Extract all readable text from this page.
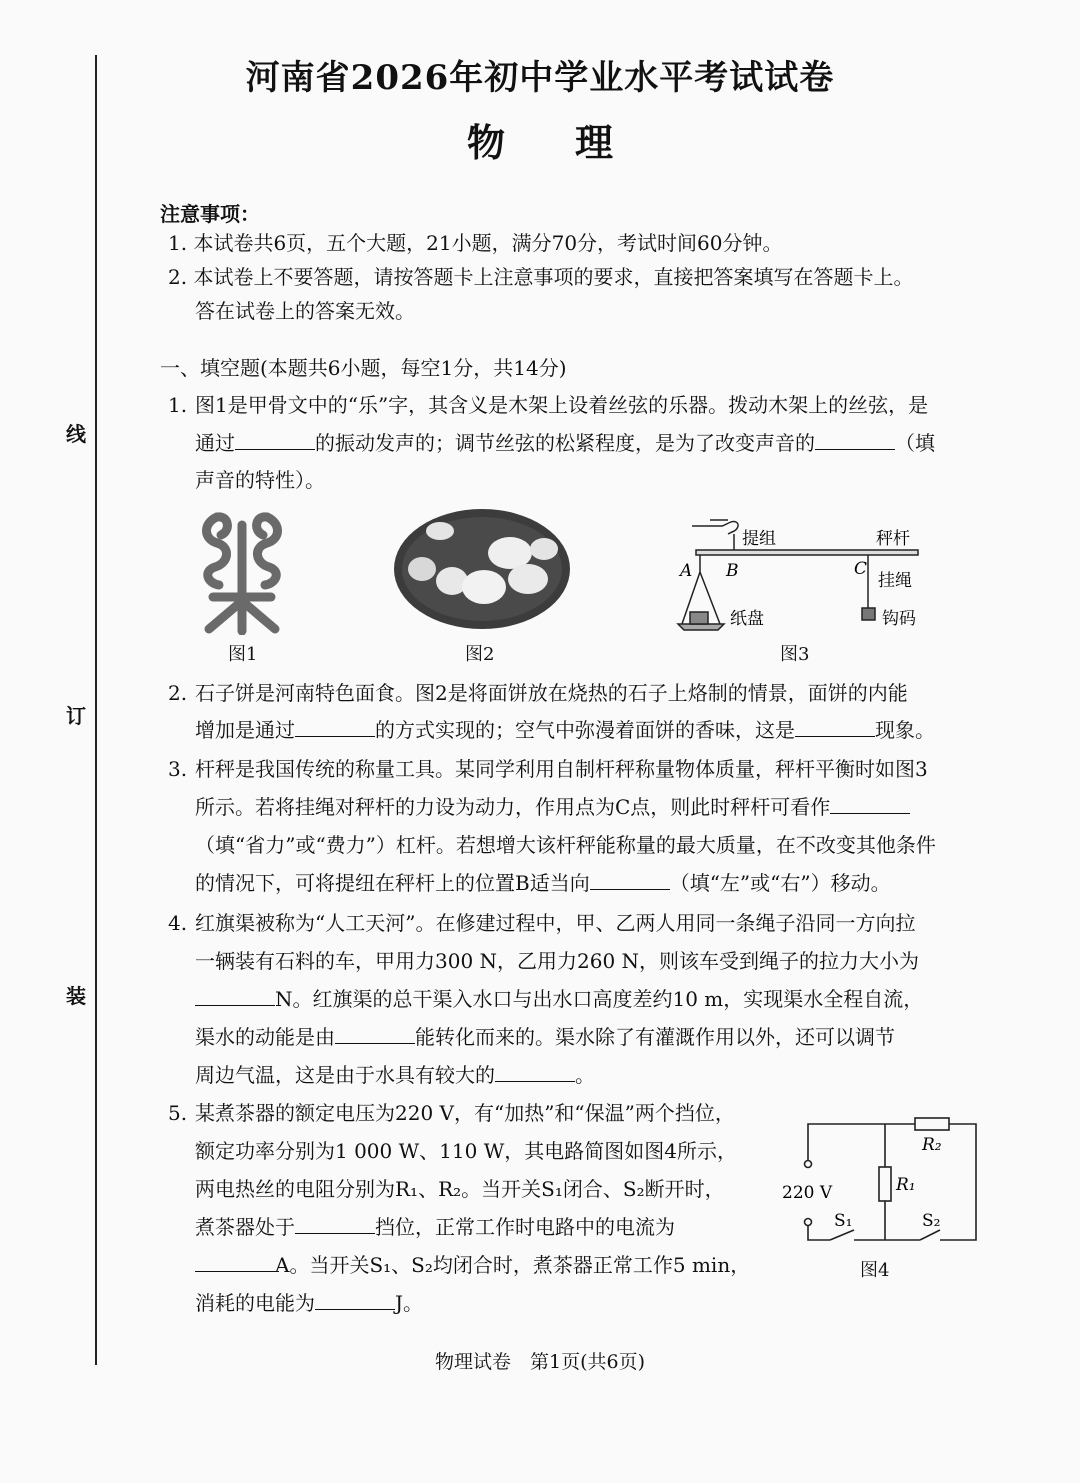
线
订
装
河南省2026年初中学业水平考试试卷
物理
注意事项：
1. 本试卷共6页，五个大题，21小题，满分70分，考试时间60分钟。
2. 本试卷上不要答题，请按答题卡上注意事项的要求，直接把答案填写在答题卡上。
答在试卷上的答案无效。
一、填空题(本题共6小题，每空1分，共14分)
1. 图1是甲骨文中的“乐”字，其含义是木架上设着丝弦的乐器。拨动木架上的丝弦，是
通过	的振动发声的；调节丝弦的松紧程度，是为了改变声音的	（填
声音的特性）。
图1	图2
提组	秤杆
A B	C
挂绳
纸盘	钩码
图3
2. 石子饼是河南特色面食。图2是将面饼放在烧热的石子上烙制的情景，面饼的内能
增加是通过	的方式实现的；空气中弥漫着面饼的香味，这是	现象。
3. 杆秤是我国传统的称量工具。某同学利用自制杆秤称量物体质量，秤杆平衡时如图3
所示。若将挂绳对秤杆的力设为动力，作用点为C点，则此时秤杆可看作
（填“省力”或“费力”）杠杆。若想增大该杆秤能称量的最大质量，在不改变其他条件
的情况下，可将提纽在秤杆上的位置B适当向	（填“左”或“右”）移动。
4. 红旗渠被称为“人工天河”。在修建过程中，甲、乙两人用同一条绳子沿同一方向拉
一辆装有石料的车，甲用力300 N，乙用力260 N，则该车受到绳子的拉力大小为
N。红旗渠的总干渠入水口与出水口高度差约10 m，实现渠水全程自流，
渠水的动能是由	能转化而来的。渠水除了有灌溉作用以外，还可以调节
周边气温，这是由于水具有较大的	。
5. 某煮茶器的额定电压为220 V，有“加热”和“保温”两个挡位，
额定功率分别为1 000 W、110 W，其电路简图如图4所示，
两电热丝的电阻分别为R₁、R₂。当开关S₁闭合、S₂断开时，
煮茶器处于	挡位，正常工作时电路中的电流为
A。当开关S₁、S₂均闭合时，煮茶器正常工作5 min，
消耗的电能为	J。
R₂
R₁
220 V
S₁	S₂
图4
物理试卷　第1页(共6页)
